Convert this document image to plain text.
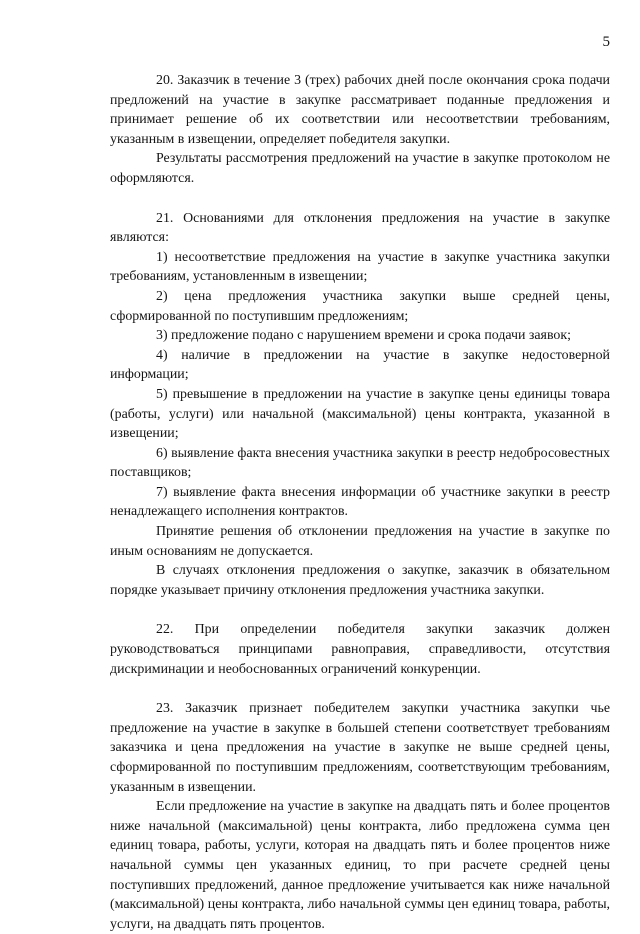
5

20. Заказчик в течение 3 (трех) рабочих дней после окончания срока подачи предложений на участие в закупке рассматривает поданные предложения и принимает решение об их соответствии или несоответствии требованиям, указанным в извещении, определяет победителя закупки.

Результаты рассмотрения предложений на участие в закупке протоколом не оформляются.

21. Основаниями для отклонения предложения на участие в закупке являются:

1) несоответствие предложения на участие в закупке участника закупки требованиям, установленным в извещении;

2) цена предложения участника закупки выше средней цены, сформированной по поступившим предложениям;

3) предложение подано с нарушением времени и срока подачи заявок;

4) наличие в предложении на участие в закупке недостоверной информации;

5) превышение в предложении на участие в закупке цены единицы товара (работы, услуги) или начальной (максимальной) цены контракта, указанной в извещении;

6) выявление факта внесения участника закупки в реестр недобросовестных поставщиков;

7) выявление факта внесения информации об участнике закупки в реестр ненадлежащего исполнения контрактов.

Принятие решения об отклонении предложения на участие в закупке по иным основаниям не допускается.

В случаях отклонения предложения о закупке, заказчик в обязательном порядке указывает причину отклонения предложения участника закупки.

22. При определении победителя закупки заказчик должен руководствоваться принципами равноправия, справедливости, отсутствия дискриминации и необоснованных ограничений конкуренции.

23. Заказчик признает победителем закупки участника закупки чье предложение на участие в закупке в большей степени соответствует требованиям заказчика и цена предложения на участие в закупке не выше средней цены, сформированной по поступившим предложениям, соответствующим требованиям, указанным в извещении.

Если предложение на участие в закупке на двадцать пять и более процентов ниже начальной (максимальной) цены контракта, либо предложена сумма цен единиц товара, работы, услуги, которая на двадцать пять и более процентов ниже начальной суммы цен указанных единиц, то при расчете средней цены поступивших предложений, данное предложение учитывается как ниже начальной (максимальной) цены контракта, либо начальной суммы цен единиц товара, работы, услуги, на двадцать пять процентов.
